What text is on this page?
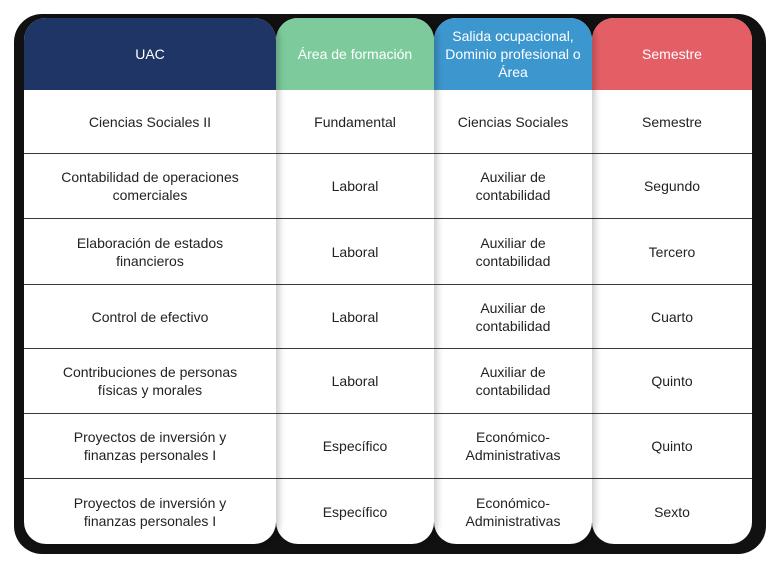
UAC
Ciencias Sociales II
Contabilidad de operaciones comerciales
Elaboración de estados financieros
Control de efectivo
Contribuciones de personas físicas y morales
Proyectos de inversión y finanzas personales I
Proyectos de inversión y finanzas personales I
Área de formación
Fundamental
Laboral
Laboral
Laboral
Laboral
Específico
Específico
Salida ocupacional, Dominio profesional o Área
Ciencias Sociales
Auxiliar de contabilidad
Auxiliar de contabilidad
Auxiliar de contabilidad
Auxiliar de contabilidad
Económico-Administrativas
Económico-Administrativas
Semestre
Semestre
Segundo
Tercero
Cuarto
Quinto
Quinto
Sexto
